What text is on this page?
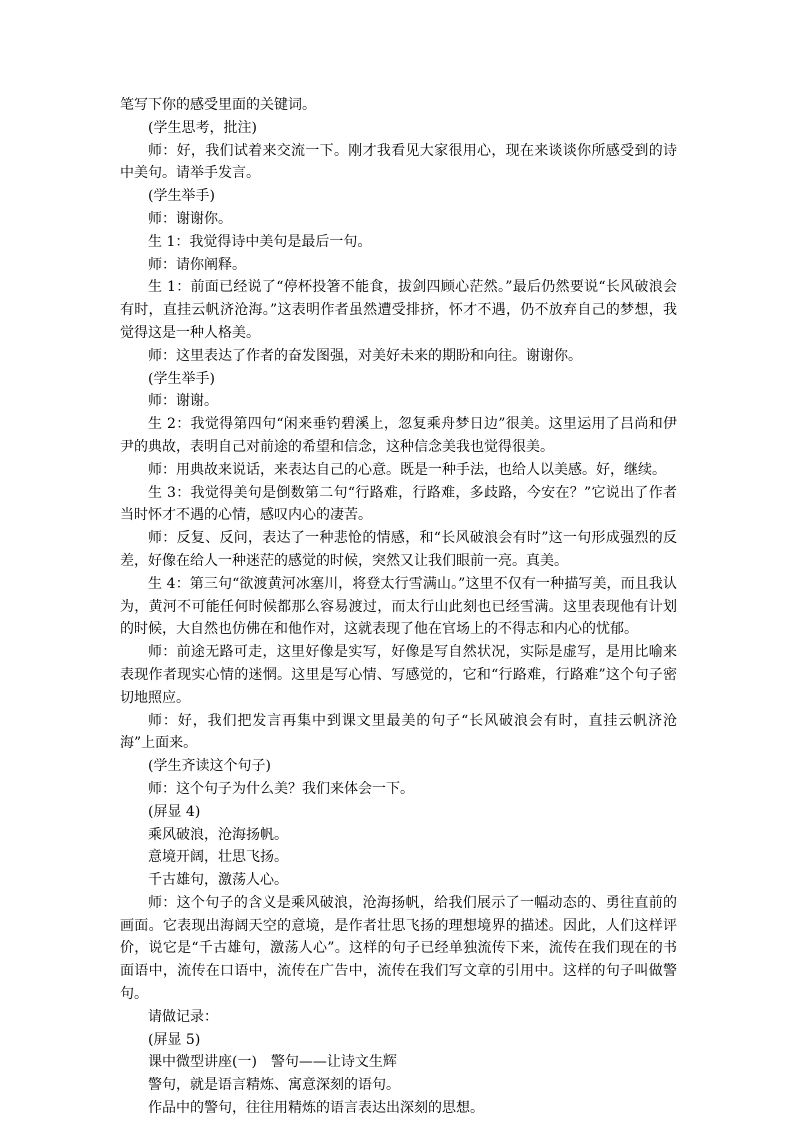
笔写下你的感受里面的关键词。

(学生思考，批注)

师：好，我们试着来交流一下。刚才我看见大家很用心，现在来谈谈你所感受到的诗中美句。请举手发言。

(学生举手)

师：谢谢你。

生 1：我觉得诗中美句是最后一句。

师：请你阐释。

生 1：前面已经说了“停杯投箸不能食，拔剑四顾心茫然。”最后仍然要说“长风破浪会有时，直挂云帆济沧海。”这表明作者虽然遭受排挤，怀才不遇，仍不放弃自己的梦想，我觉得这是一种人格美。

师：这里表达了作者的奋发图强，对美好未来的期盼和向往。谢谢你。

(学生举手)

师：谢谢。

生 2：我觉得第四句“闲来垂钓碧溪上，忽复乘舟梦日边”很美。这里运用了吕尚和伊尹的典故，表明自己对前途的希望和信念，这种信念美我也觉得很美。

师：用典故来说话，来表达自己的心意。既是一种手法，也给人以美感。好，继续。

生 3：我觉得美句是倒数第二句“行路难，行路难，多歧路，今安在？”它说出了作者当时怀才不遇的心情，感叹内心的凄苦。

师：反复、反问，表达了一种悲怆的情感，和“长风破浪会有时”这一句形成强烈的反差，好像在给人一种迷茫的感觉的时候，突然又让我们眼前一亮。真美。

生 4：第三句“欲渡黄河冰塞川，将登太行雪满山。”这里不仅有一种描写美，而且我认为，黄河不可能任何时候都那么容易渡过，而太行山此刻也已经雪满。这里表现他有计划的时候，大自然也仿佛在和他作对，这就表现了他在官场上的不得志和内心的忧郁。

师：前途无路可走，这里好像是实写，好像是写自然状况，实际是虚写，是用比喻来表现作者现实心情的迷惘。这里是写心情、写感觉的，它和“行路难，行路难”这个句子密切地照应。

师：好，我们把发言再集中到课文里最美的句子“长风破浪会有时，直挂云帆济沧海”上面来。

(学生齐读这个句子)

师：这个句子为什么美？我们来体会一下。

(屏显 4)

乘风破浪，沧海扬帆。

意境开阔，壮思飞扬。

千古雄句，激荡人心。

师：这个句子的含义是乘风破浪，沧海扬帆，给我们展示了一幅动态的、勇往直前的画面。它表现出海阔天空的意境，是作者壮思飞扬的理想境界的描述。因此，人们这样评价，说它是“千古雄句，激荡人心”。这样的句子已经单独流传下来，流传在我们现在的书面语中，流传在口语中，流传在广告中，流传在我们写文章的引用中。这样的句子叫做警句。

请做记录：

(屏显 5)

课中微型讲座(一)　警句——让诗文生辉

警句，就是语言精炼、寓意深刻的语句。

作品中的警句，往往用精炼的语言表达出深刻的思想。
